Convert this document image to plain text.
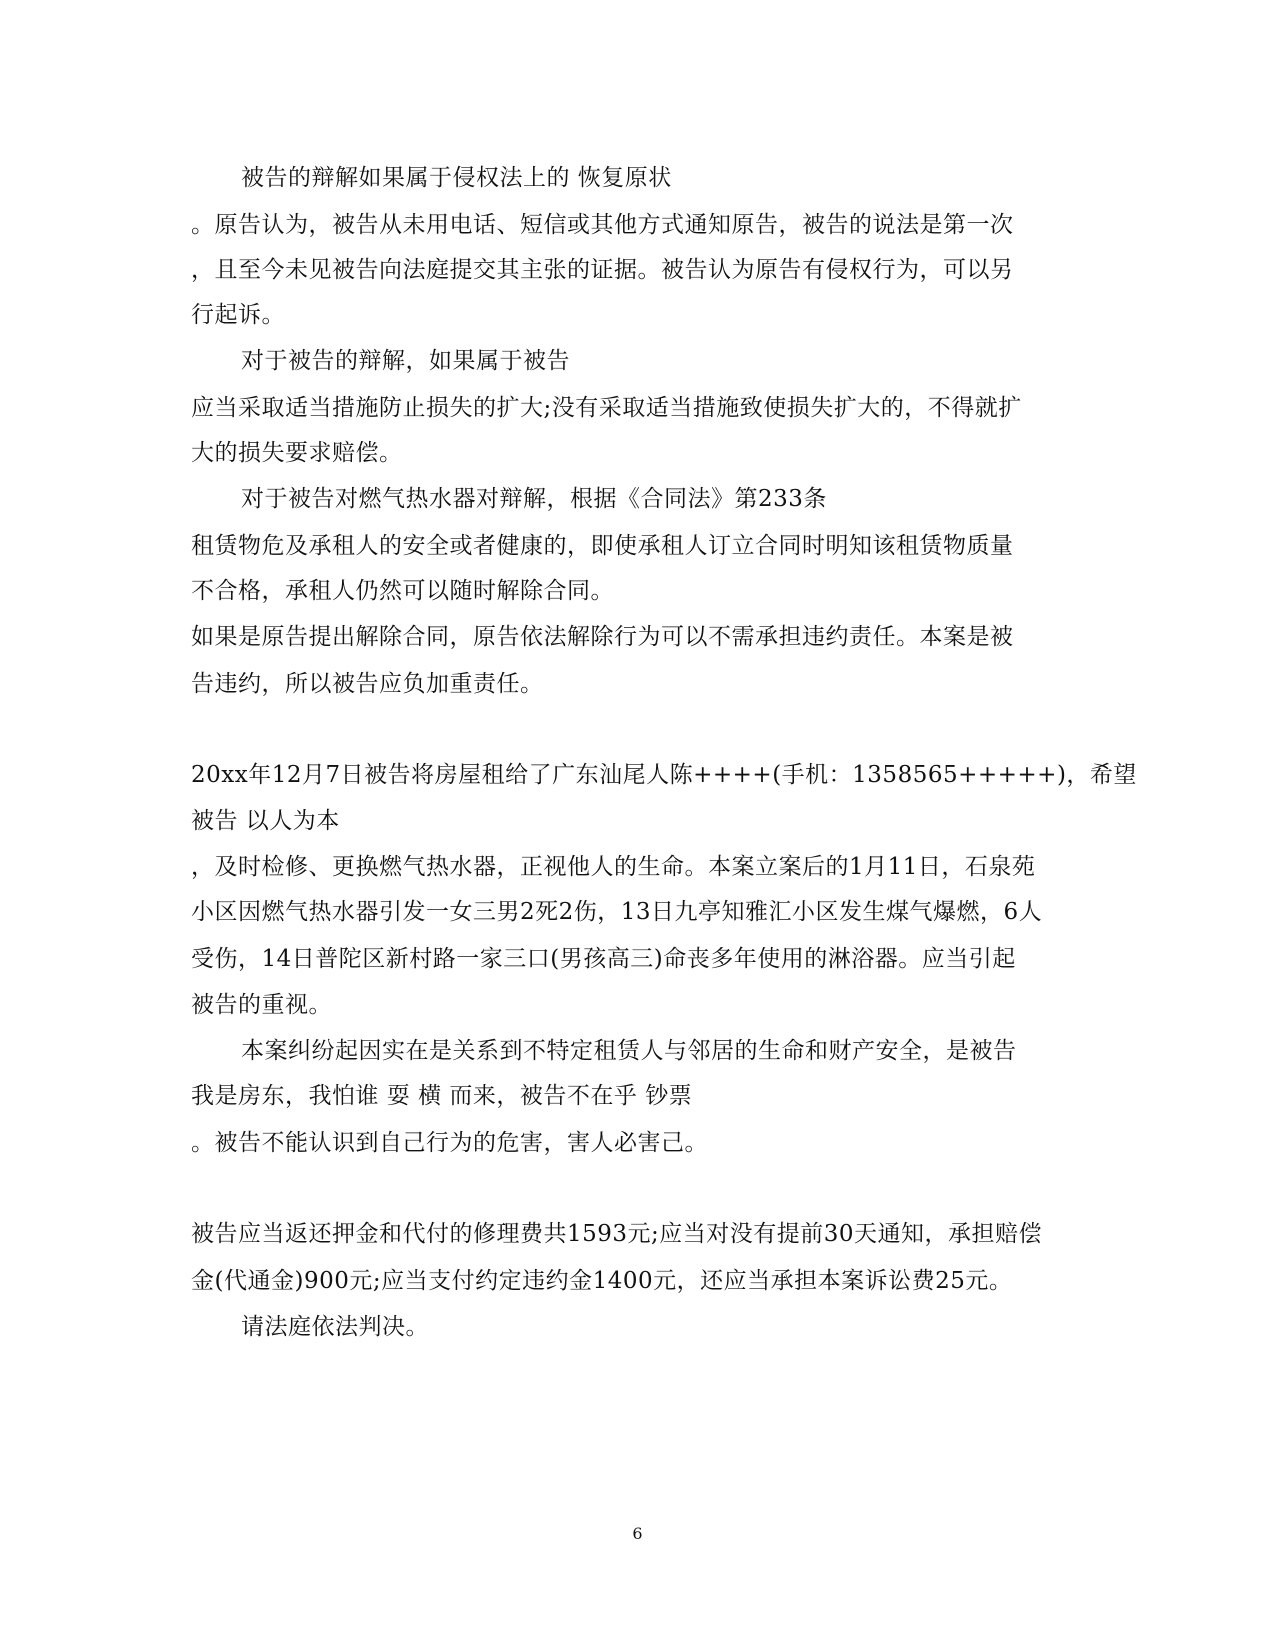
被告的辩解如果属于侵权法上的 恢复原状
。原告认为，被告从未用电话、短信或其他方式通知原告，被告的说法是第一次
，且至今未见被告向法庭提交其主张的证据。被告认为原告有侵权行为，可以另
行起诉。
对于被告的辩解，如果属于被告
应当采取适当措施防止损失的扩大;没有采取适当措施致使损失扩大的，不得就扩
大的损失要求赔偿。
对于被告对燃气热水器对辩解，根据《合同法》第233条
租赁物危及承租人的安全或者健康的，即使承租人订立合同时明知该租赁物质量
不合格，承租人仍然可以随时解除合同。
如果是原告提出解除合同，原告依法解除行为可以不需承担违约责任。本案是被
告违约，所以被告应负加重责任。
20xx年12月7日被告将房屋租给了广东汕尾人陈++++(手机：1358565+++++)，希望
被告 以人为本
，及时检修、更换燃气热水器，正视他人的生命。本案立案后的1月11日，石泉苑
小区因燃气热水器引发一女三男2死2伤，13日九亭知雅汇小区发生煤气爆燃，6人
受伤，14日普陀区新村路一家三口(男孩高三)命丧多年使用的淋浴器。应当引起
被告的重视。
本案纠纷起因实在是关系到不特定租赁人与邻居的生命和财产安全，是被告
我是房东，我怕谁 耍 横 而来，被告不在乎 钞票
。被告不能认识到自己行为的危害，害人必害己。
被告应当返还押金和代付的修理费共1593元;应当对没有提前30天通知，承担赔偿
金(代通金)900元;应当支付约定违约金1400元，还应当承担本案诉讼费25元。
请法庭依法判决。
6
